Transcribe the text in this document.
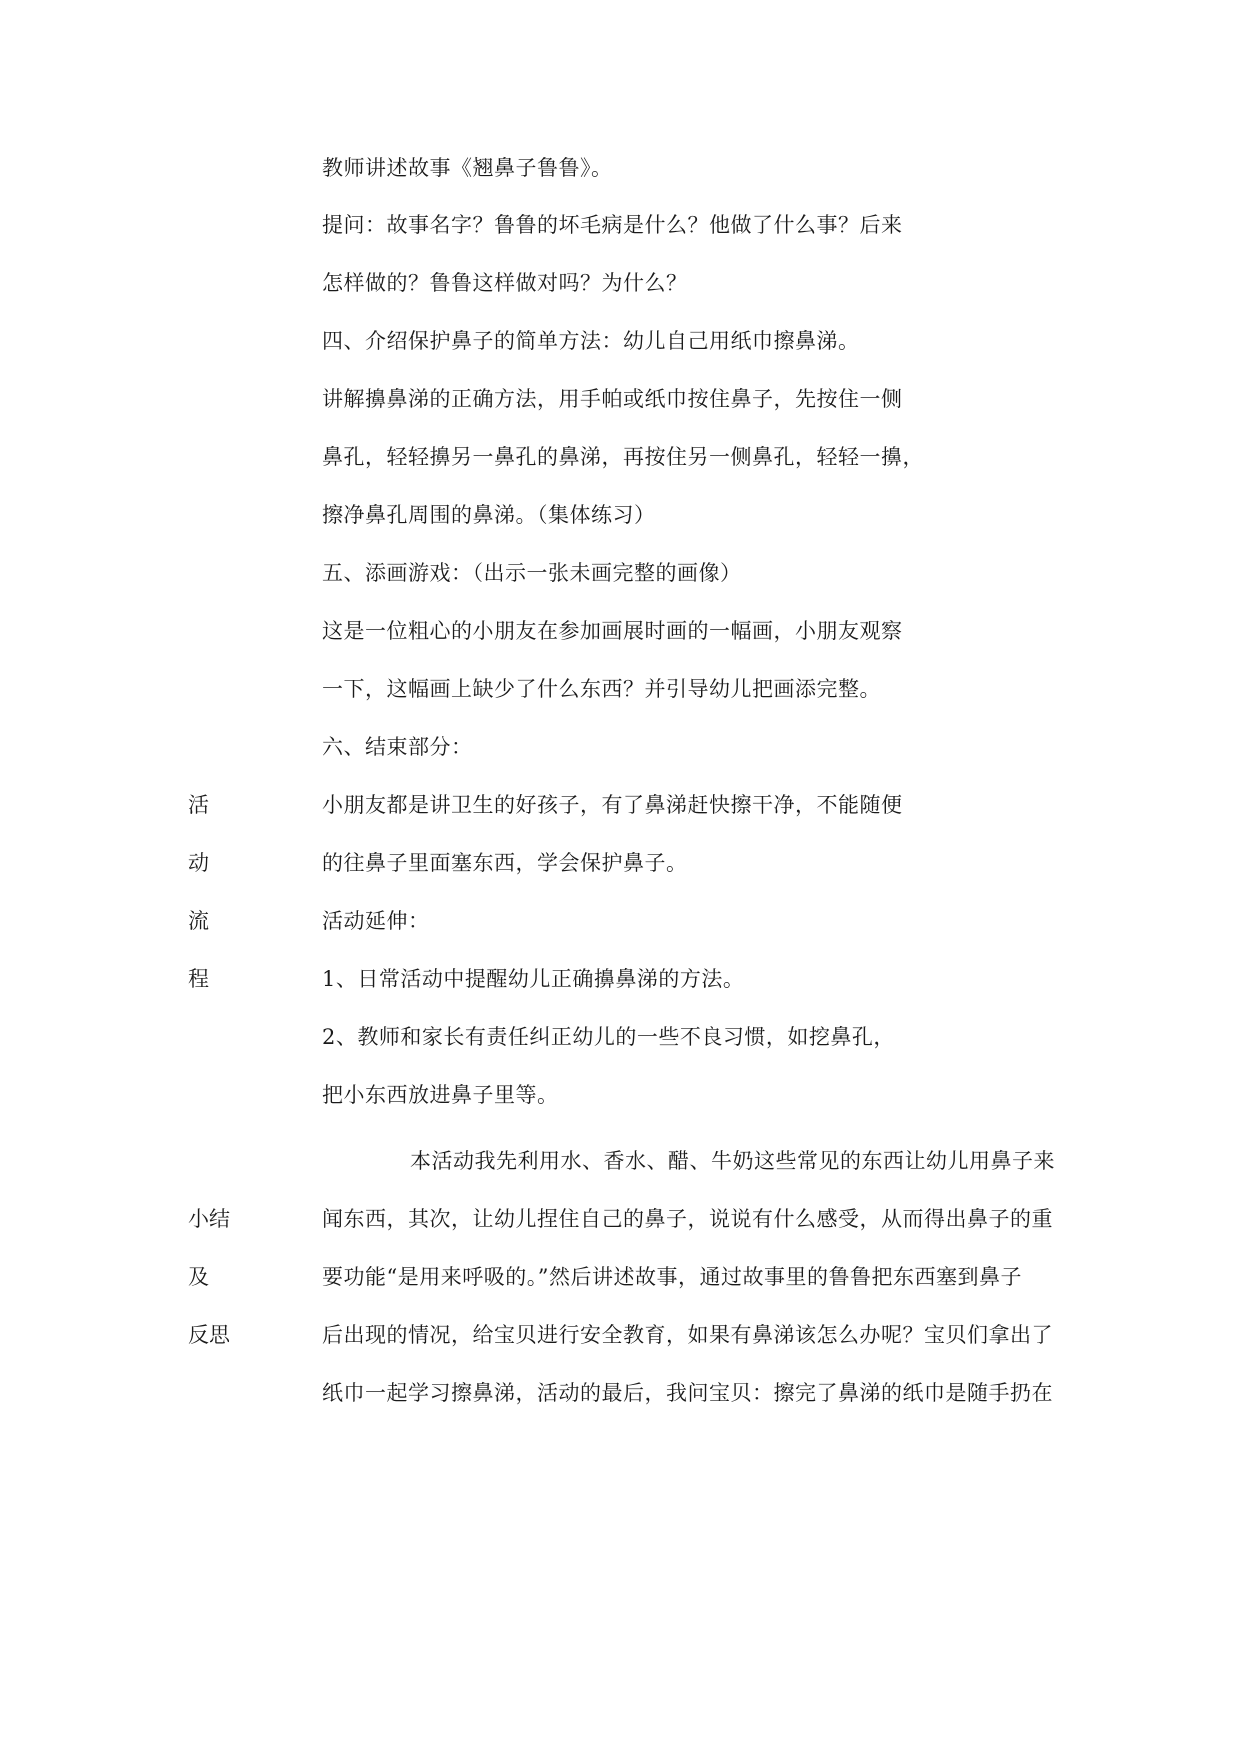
教师讲述故事《翘鼻子鲁鲁》。
提问：故事名字？鲁鲁的坏毛病是什么？他做了什么事？后来
怎样做的？鲁鲁这样做对吗？为什么？
四、介绍保护鼻子的简单方法：幼儿自己用纸巾擦鼻涕。
讲解擤鼻涕的正确方法，用手帕或纸巾按住鼻子，先按住一侧
鼻孔，轻轻擤另一鼻孔的鼻涕，再按住另一侧鼻孔，轻轻一擤，
擦净鼻孔周围的鼻涕。（集体练习）
五、添画游戏：（出示一张未画完整的画像）
这是一位粗心的小朋友在参加画展时画的一幅画，小朋友观察
一下，这幅画上缺少了什么东西？并引导幼儿把画添完整。
六、结束部分：
小朋友都是讲卫生的好孩子，有了鼻涕赶快擦干净，不能随便
的往鼻子里面塞东西，学会保护鼻子。
活动延伸：
1、日常活动中提醒幼儿正确擤鼻涕的方法。
2、教师和家长有责任纠正幼儿的一些不良习惯，如挖鼻孔，
把小东西放进鼻子里等。
活
动
流
程
本活动我先利用水、香水、醋、牛奶这些常见的东西让幼儿用鼻子来
闻东西，其次，让幼儿捏住自己的鼻子，说说有什么感受，从而得出鼻子的重
要功能“是用来呼吸的。”然后讲述故事，通过故事里的鲁鲁把东西塞到鼻子
后出现的情况，给宝贝进行安全教育，如果有鼻涕该怎么办呢？宝贝们拿出了
纸巾一起学习擦鼻涕，活动的最后，我问宝贝：擦完了鼻涕的纸巾是随手扔在
小结
及
反思
